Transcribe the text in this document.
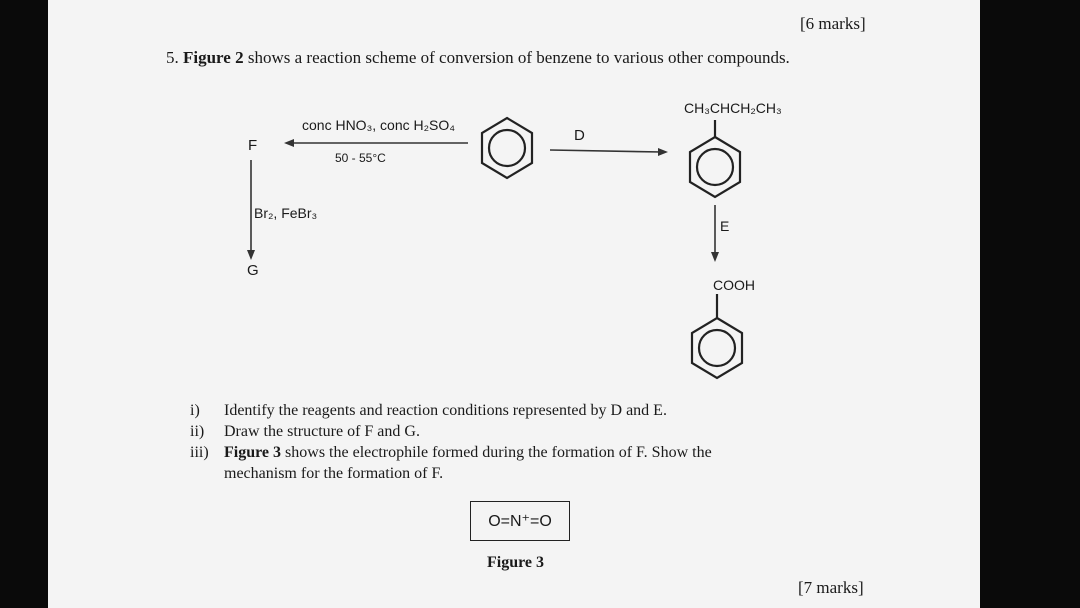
[6 marks]
5. Figure 2 shows a reaction scheme of conversion of benzene to various other compounds.
conc HNO₃, conc H₂SO₄
50 - 55°C
F
D
CH₃CHCH₂CH₃
Br₂, FeBr₃
G
E
COOH
i)	Identify the reagents and reaction conditions represented by D and E.
ii)	Draw the structure of F and G.
iii) Figure 3 shows the electrophile formed during the formation of F. Show the
mechanism for the formation of F.
O=N⁺=O
Figure 3
[7 marks]
